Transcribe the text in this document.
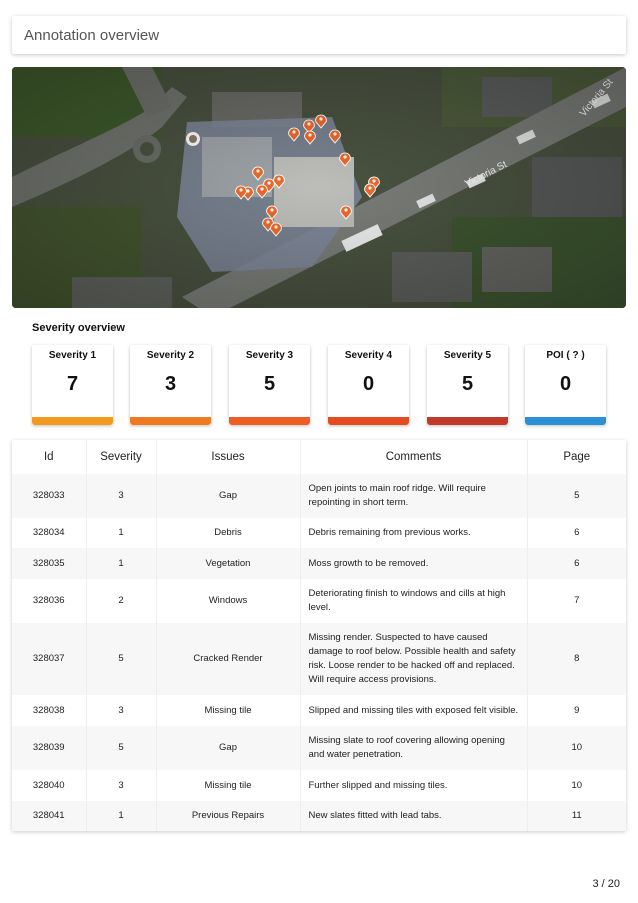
Annotation overview
Severity overview
Severity 1
7
Severity 2
3
Severity 3
5
Severity 4
0
Severity 5
5
POI ( ? )
0
Id	Severity	Issues	Comments	Page
328033	3	Gap	Open joints to main roof ridge. Will require repointing in short term.	5
328034	1	Debris	Debris remaining from previous works.	6
328035	1	Vegetation	Moss growth to be removed.	6
328036	2	Windows	Deteriorating finish to windows and cills at high level.	7
328037	5	Cracked Render	Missing render. Suspected to have caused damage to roof below. Possible health and safety risk. Loose render to be hacked off and replaced. Will require access provisions.	8
328038	3	Missing tile	Slipped and missing tiles with exposed felt visible.	9
328039	5	Gap	Missing slate to roof covering allowing opening and water penetration.	10
328040	3	Missing tile	Further slipped and missing tiles.	10
328041	1	Previous Repairs	New slates fitted with lead tabs.	11
3 / 20
